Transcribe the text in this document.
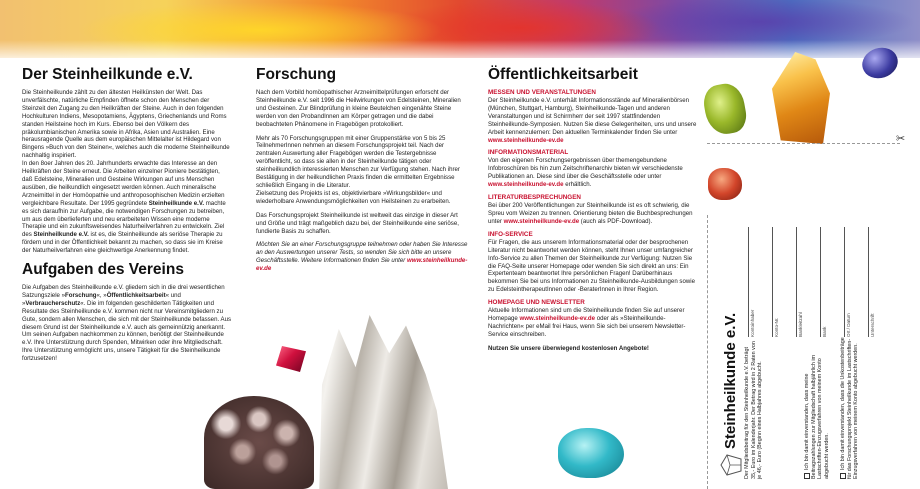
Der Steinheilkunde e.V.

Die Steinheilkunde zählt zu den ältesten Heilkünsten der Welt. Das unverfälschte, natürliche Empfinden öffnete schon den Menschen der Steinzeit den Zugang zu den Heilkräften der Steine. Auch in den folgenden Hochkulturen Indiens, Mesopotamiens, Ägyptens, Griechenlands und Roms standen Heilsteine hoch im Kurs. Ebenso bei den Völkern des präkolumbianischen Amerika sowie in Afrika, Asien und Australien. Eine herausragende Quelle aus dem europäischen Mittelalter ist Hildegard von Bingens »Buch von den Steinen«, welches auch die moderne Steinheilkunde nachhaltig inspiriert.

In den 8oer Jahren des 20. Jahrhunderts erwachte das Interesse an den Heilkräften der Steine erneut. Die Arbeiten einzelner Pioniere bestätigten, daß Edelsteine, Mineralien und Gesteine Wirkungen auf uns Menschen ausüben, die heilkundlich eingesetzt werden können. Auch mineralische Arzneimittel in der Homöopathie und anthroposophischen Medizin erzielten vergleichbare Resultate. Der 1995 gegründete Steinheilkunde e.V. machte es sich daraufhin zur Aufgabe, die notwendigen Forschungen zu betreiben, um aus dem überlieferten und neu erarbeiteten Wissen eine moderne Therapie und ein zukunftsweisendes Naturheilverfahren zu entwickeln. Ziel des Steinheilkunde e.V. ist es, die Steinheilkunde als seriöse Therapie zu fördern und in der Öffentlichkeit bekannt zu machen, so dass sie im Kreise der Naturheilverfahren eine gleichwertige Anerkennung findet.

Aufgaben des Vereins

Die Aufgaben des Steinheilkunde e.V. gliedern sich in die drei wesentlichen Satzungsziele »Forschung«, »Öffentlichkeitsarbeit« und »Verbraucherschutz«. Die im folgenden geschilderten Tätigkeiten und Resultate des Steinheilkunde e.V. kommen nicht nur Vereinsmitgliedern zu Gute, sondern allen Menschen, die sich mit der Steinheilkunde befassen. Aus diesem Grund ist der Steinheilkunde e.V. auch als gemeinnützig anerkannt.

Um seinen Aufgaben nachkommen zu können, benötigt der Steinheilkunde e.V. Ihre Unterstützung durch Spenden, Mitwirken oder ihre Mitgliedschaft. Ihre Unterstützung ermöglicht uns, unsere Tätigkeit für die Steinheilkunde fortzusetzen!

Forschung

Nach dem Vorbild homöopathischer Arzneimittelprüfungen erforscht der Steinheilkunde e.V. seit 1996 die Heilwirkungen von Edelsteinen, Mineralien und Gesteinen. Zur Blindprüfung in kleine Beutelchen eingenähte Steine werden von den ProbandInnen am Körper getragen und die dabei beobachteten Phänomene in Fragebögen protokolliert.

Mehr als 70 Forschungsgruppen mit einer Gruppenstärke von 5 bis 25 TeilnehmerInnen nehmen an diesem Forschungsprojekt teil. Nach der zentralen Auswertung aller Fragebögen werden die Testergebnisse veröffentlicht, so dass sie allen in der Steinheilkunde tätigen oder steinheilkundlich interessierten Menschen zur Verfügung stehen. Nach ihrer Bestätigung in der heilkundlichen Praxis finden die ermittelten Ergebnisse schließlich Eingang in die Literatur.

Zielsetzung des Projekts ist es, objektivierbare »Wirkungsbilder« und wiederholbare Anwendungsmöglichkeiten von Heilsteinen zu erarbeiten.

Das Forschungsprojekt Steinheilkunde ist weltweit das einzige in dieser Art und Größe und trägt maßgeblich dazu bei, der Steinheilkunde eine seriöse, fundierte Basis zu schaffen.

Möchten Sie an einer Forschungsgruppe teilnehmen oder haben Sie Interesse an den Auswertungen unserer Tests, so wenden Sie sich bitte an unsere Geschäftsstelle. Weitere Informationen finden Sie unter www.steinheilkunde-ev.de

Öffentlichkeitsarbeit
MESSEN UND VERANSTALTUNGEN

Der Steinheilkunde e.V. unterhält Informationsstände auf Mineralienbörsen (München, Stuttgart, Hamburg), Steinheilkunde-Tagen und anderen Veranstaltungen und ist Schirmherr der seit 1997 stattfindenden Steinheilkunde-Symposien. Nutzen Sie diese Gelegenheiten, uns und unsere Arbeit kennenzulernen: Den aktuellen Terminkalender finden Sie unter www.steinheilkunde-ev.de

INFORMATIONSMATERIAL

Von den eigenen Forschungsergebnissen über themengebundene Infobroschüren bis hin zum Zeitschriftenarchiv bieten wir verschiedenste Publikationen an. Diese sind über die Geschäftsstelle oder unter www.steinheilkunde-ev.de erhältlich.

LITERATURBESPRECHUNGEN

Bei über 200 Veröffentlichungen zur Steinheilkunde ist es oft schwierig, die Spreu vom Weizen zu trennen. Orientierung bieten die Buchbesprechungen unter www.steinheilkunde-ev.de (auch als PDF-Download).

INFO-SERVICE

Für Fragen, die aus unserem Informationsmaterial oder der besprochenen Literatur nicht beantwortet werden können, steht Ihnen unser umfangreicher Info-Service zu allen Themen der Steinheilkunde zur Verfügung: Nutzen Sie die FAQ-Seite unserer Homepage oder wenden Sie sich direkt an uns: Ein Expertenteam beantwortet Ihre persönlichen Fragen! Darüberhinaus bekommen Sie bei uns Informationen zu Steinheilkunde-Ausbildungen sowie zu EdelsteintherapeutInnen oder -BeraterInnen in Ihrer Region.

HOMEPAGE UND NEWSLETTER

Aktuelle Informationen sind um die Steinheilkunde finden Sie auf unserer Homepage www.steinheilkunde-ev.de oder als »Steinheilkunde-Nachrichten« per eMail frei Haus, wenn Sie sich bei unserem Newsletter-Service einschreiben.

Nutzen Sie unsere überwiegend kostenlosen Angebote!

✂
Steinheilkunde e.V. Der Mitgliedsbeitrag für den Steinheilkunde e.V. beträgt 35,- Euro im Kalenderjahr. Der Betrag wird in 2 Raten von je 46,- Euro (Beginn eines Halbjahres abgebucht.	Ich bin damit einverstanden, dass meine Beitragszahlungen zur Mitgliedschaft halbjährlich im Lastschriften-Einzugsverfahren von meinem Konto abgebucht werden. Ich bin damit einverstanden, dass die Unkostenbeiträge für das Forschungsprojekt Steinheilkunde im Lastschriften-Einzugsverfahren von meinem Konto abgebucht werden.
Kontoinhaber	Konto-Nr.	Bankleitzahl	Bank	Ort / Datum	Unterschrift
